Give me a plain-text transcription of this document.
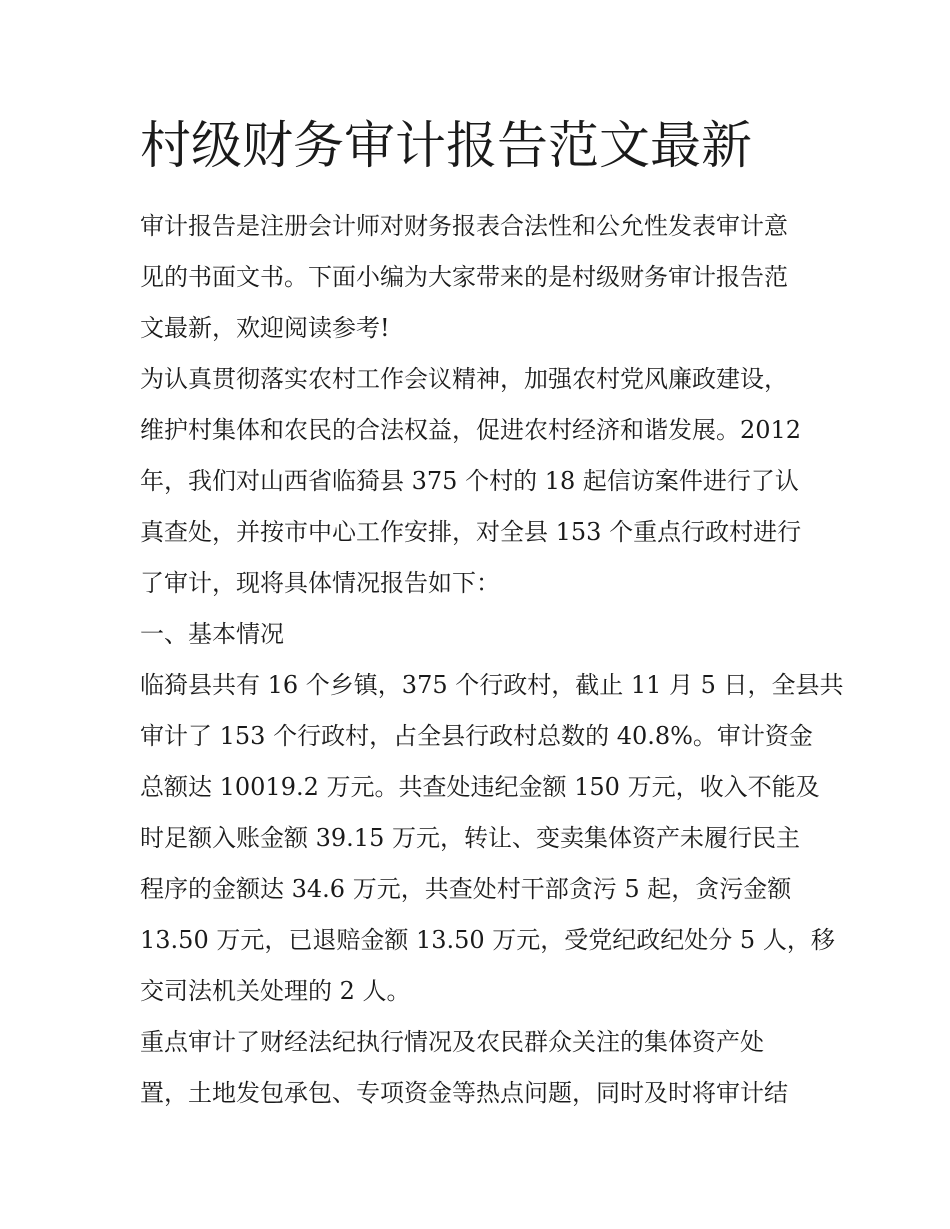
村级财务审计报告范文最新
审计报告是注册会计师对财务报表合法性和公允性发表审计意
见的书面文书。下面小编为大家带来的是村级财务审计报告范
文最新，欢迎阅读参考!
为认真贯彻落实农村工作会议精神，加强农村党风廉政建设，
维护村集体和农民的合法权益，促进农村经济和谐发展。2012
年，我们对山西省临猗县 375 个村的 18 起信访案件进行了认
真查处，并按市中心工作安排，对全县 153 个重点行政村进行
了审计，现将具体情况报告如下：
一、基本情况
临猗县共有 16 个乡镇，375 个行政村，截止 11 月 5 日，全县共
审计了 153 个行政村，占全县行政村总数的 40.8%。审计资金
总额达 10019.2 万元。共查处违纪金额 150 万元，收入不能及
时足额入账金额 39.15 万元，转让、变卖集体资产未履行民主
程序的金额达 34.6 万元，共查处村干部贪污 5 起，贪污金额
13.50 万元，已退赔金额 13.50 万元，受党纪政纪处分 5 人，移
交司法机关处理的 2 人。
重点审计了财经法纪执行情况及农民群众关注的集体资产处
置，土地发包承包、专项资金等热点问题，同时及时将审计结
